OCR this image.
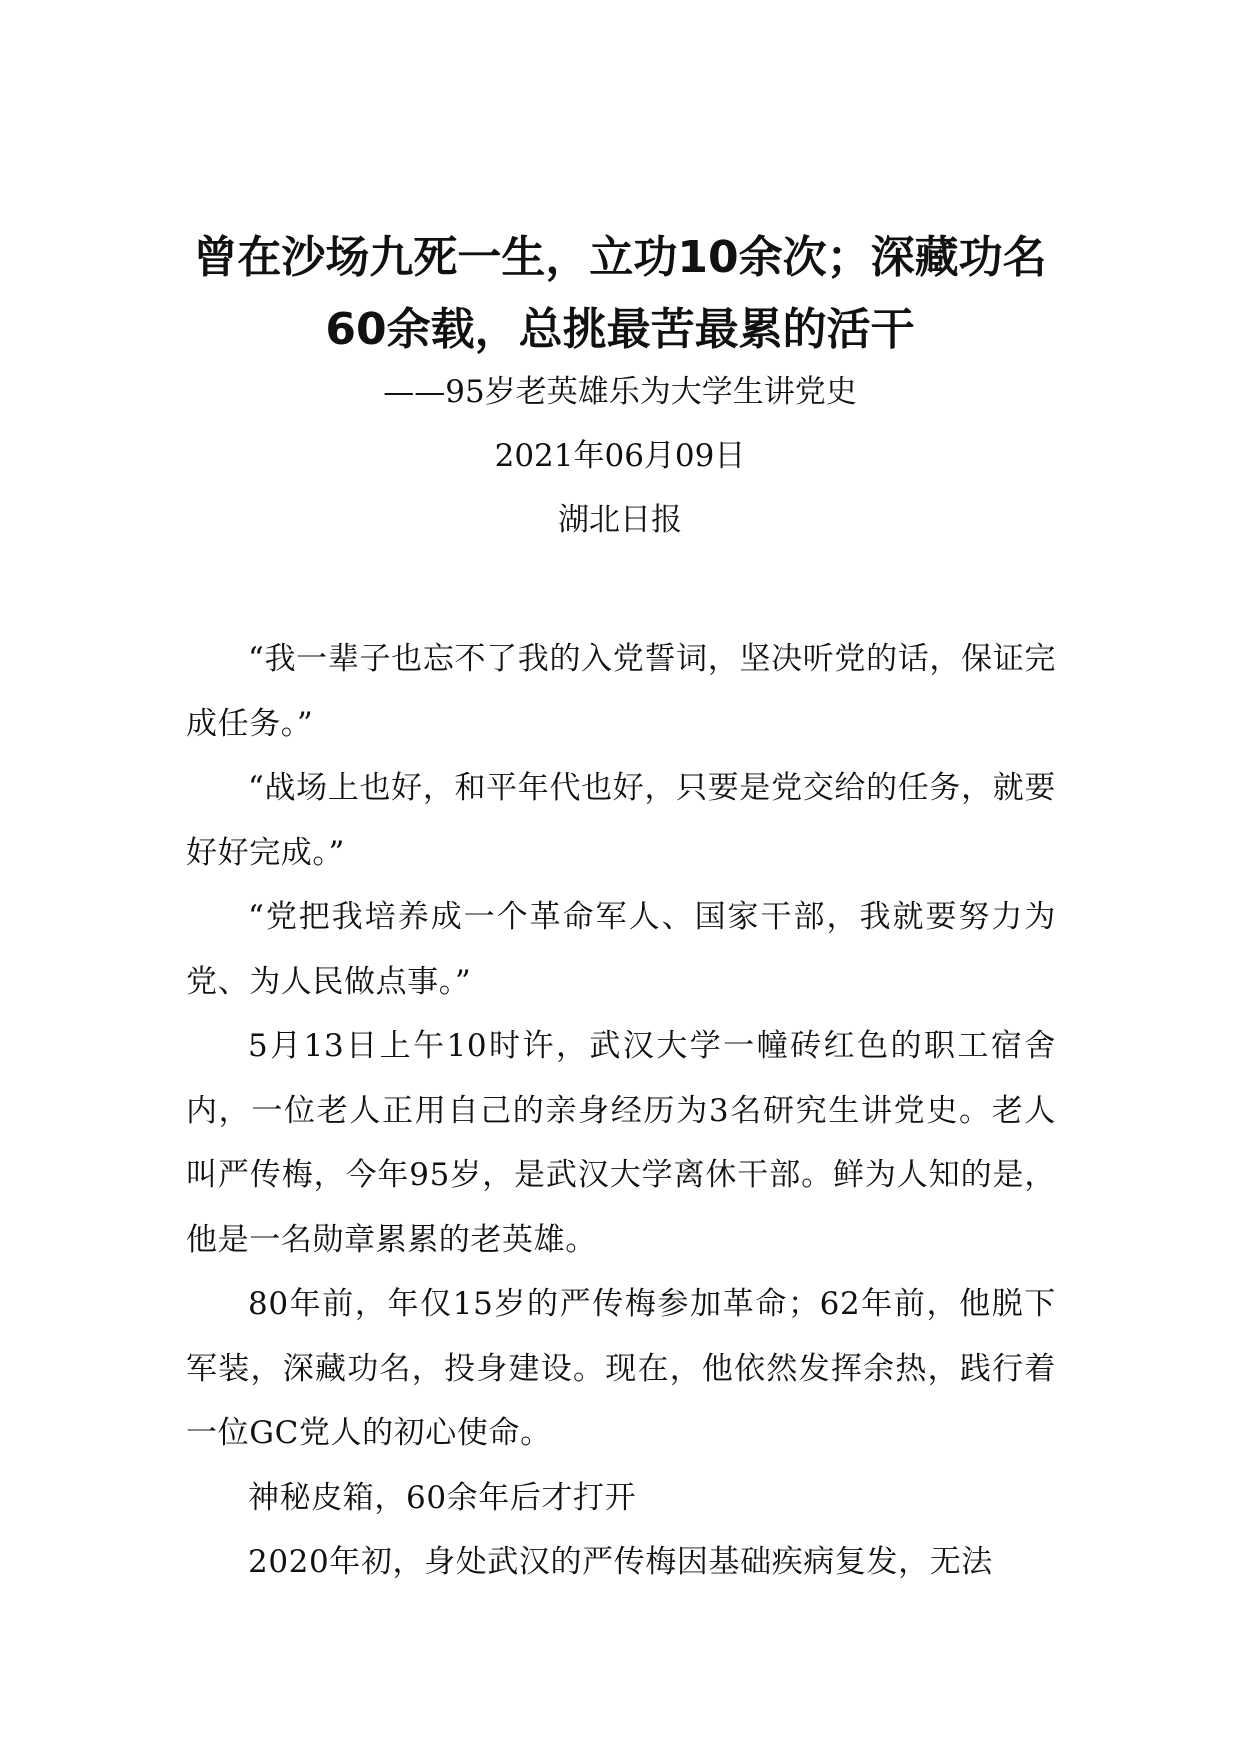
曾在沙场九死一生，立功10余次；深藏功名60余载，总挑最苦最累的活干

——95岁老英雄乐为大学生讲党史

2021年06月09日

湖北日报

“我一辈子也忘不了我的入党誓词，坚决听党的话，保证完成任务。”

“战场上也好，和平年代也好，只要是党交给的任务，就要好好完成。”

“党把我培养成一个革命军人、国家干部，我就要努力为党、为人民做点事。”

5月13日上午10时许，武汉大学一幢砖红色的职工宿舍内，一位老人正用自己的亲身经历为3名研究生讲党史。老人叫严传梅，今年95岁，是武汉大学离休干部。鲜为人知的是，他是一名勋章累累的老英雄。

80年前，年仅15岁的严传梅参加革命；62年前，他脱下军装，深藏功名，投身建设。现在，他依然发挥余热，践行着一位GC党人的初心使命。

神秘皮箱，60余年后才打开

2020年初，身处武汉的严传梅因基础疾病复发，无法
